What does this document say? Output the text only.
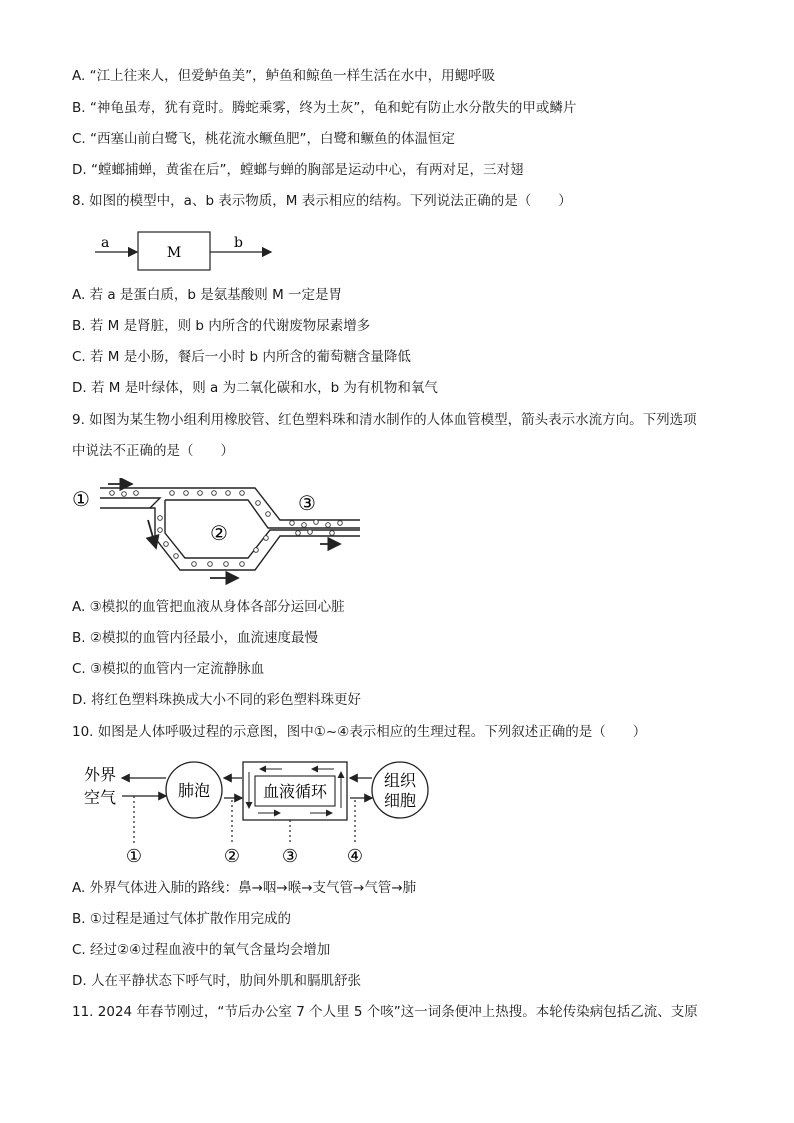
A. “江上往来人，但爱鲈鱼美”，鲈鱼和鲸鱼一样生活在水中，用鳃呼吸
B. “神龟虽寿，犹有竟时。腾蛇乘雾，终为土灰”，龟和蛇有防止水分散失的甲或鳞片
C. “西塞山前白鹭飞，桃花流水鳜鱼肥”，白鹭和鳜鱼的体温恒定
D. “螳螂捕蝉，黄雀在后”，螳螂与蝉的胸部是运动中心，有两对足，三对翅
8. 如图的模型中，a、b 表示物质，M 表示相应的结构。下列说法正确的是（　　）
a
M
b
A. 若 a 是蛋白质，b 是氨基酸则 M 一定是胃
B. 若 M 是肾脏，则 b 内所含的代谢废物尿素增多
C. 若 M 是小肠，餐后一小时 b 内所含的葡萄糖含量降低
D. 若 M 是叶绿体，则 a 为二氧化碳和水，b 为有机物和氧气
9. 如图为某生物小组利用橡胶管、红色塑料珠和清水制作的人体血管模型，箭头表示水流方向。下列选项
中说法不正确的是（　　）
①
②
③
A. ③模拟的血管把血液从身体各部分运回心脏
B. ②模拟的血管内径最小，血流速度最慢
C. ③模拟的血管内一定流静脉血
D. 将红色塑料珠换成大小不同的彩色塑料珠更好
10. 如图是人体呼吸过程的示意图，图中①~④表示相应的生理过程。下列叙述正确的是（　　）
外界
空气	肺泡	血液循环
组织
细胞
①	② ③	④
A. 外界气体进入肺的路线：鼻→咽→喉→支气管→气管→肺
B. ①过程是通过气体扩散作用完成的
C. 经过②④过程血液中的氧气含量均会增加
D. 人在平静状态下呼气时，肋间外肌和膈肌舒张
11. 2024 年春节刚过，“节后办公室 7 个人里 5 个咳”这一词条便冲上热搜。本轮传染病包括乙流、支原
